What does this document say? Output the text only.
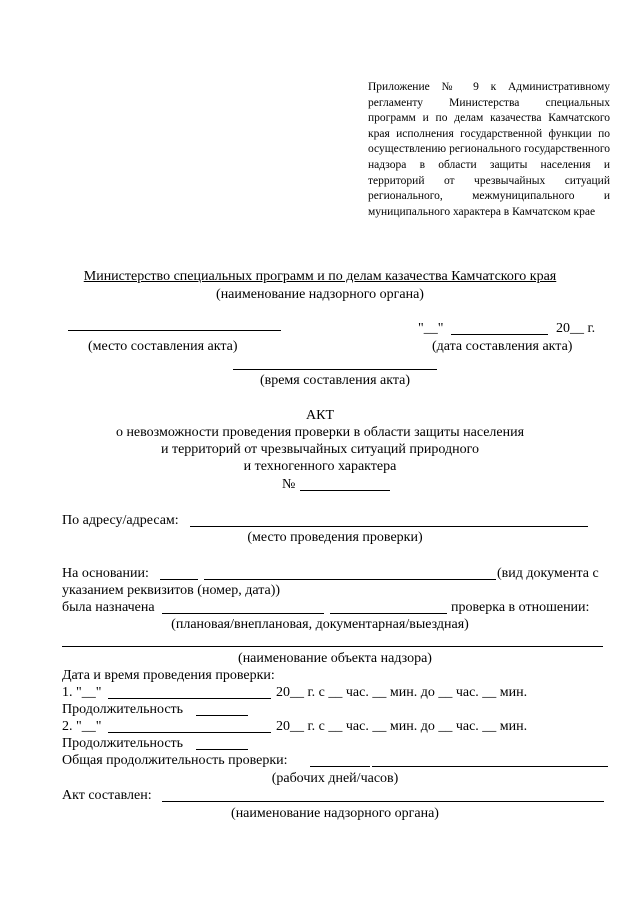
Приложение № 9 к Административному регламенту Министерства специальных программ и по делам казачества Камчатского края исполнения государственной функции по осуществлению регионального государственного надзора в области защиты населения и территорий от чрезвычайных ситуаций регионального, межмуниципального и муниципального характера в Камчатском крае
Министерство специальных программ и по делам казачества Камчатского края
(наименование надзорного органа)
(место составления акта)
"__"	20__ г.
(дата составления акта)
(время составления акта)
АКТ
о невозможности проведения проверки в области защиты населения
и территорий от чрезвычайных ситуаций природного
и техногенного характера
№
По адресу/адресам:
(место проведения проверки)
На основании:	(вид документа с
указанием реквизитов (номер, дата))
была назначена	проверка в отношении:
(плановая/внеплановая, документарная/выездная)
(наименование объекта надзора)
Дата и время проведения проверки:
1. "__"	20__ г. с __ час. __ мин. до __ час. __ мин.
Продолжительность
2. "__"	20__ г. с __ час. __ мин. до __ час. __ мин.
Продолжительность
Общая продолжительность проверки:
(рабочих дней/часов)
Акт составлен:
(наименование надзорного органа)
